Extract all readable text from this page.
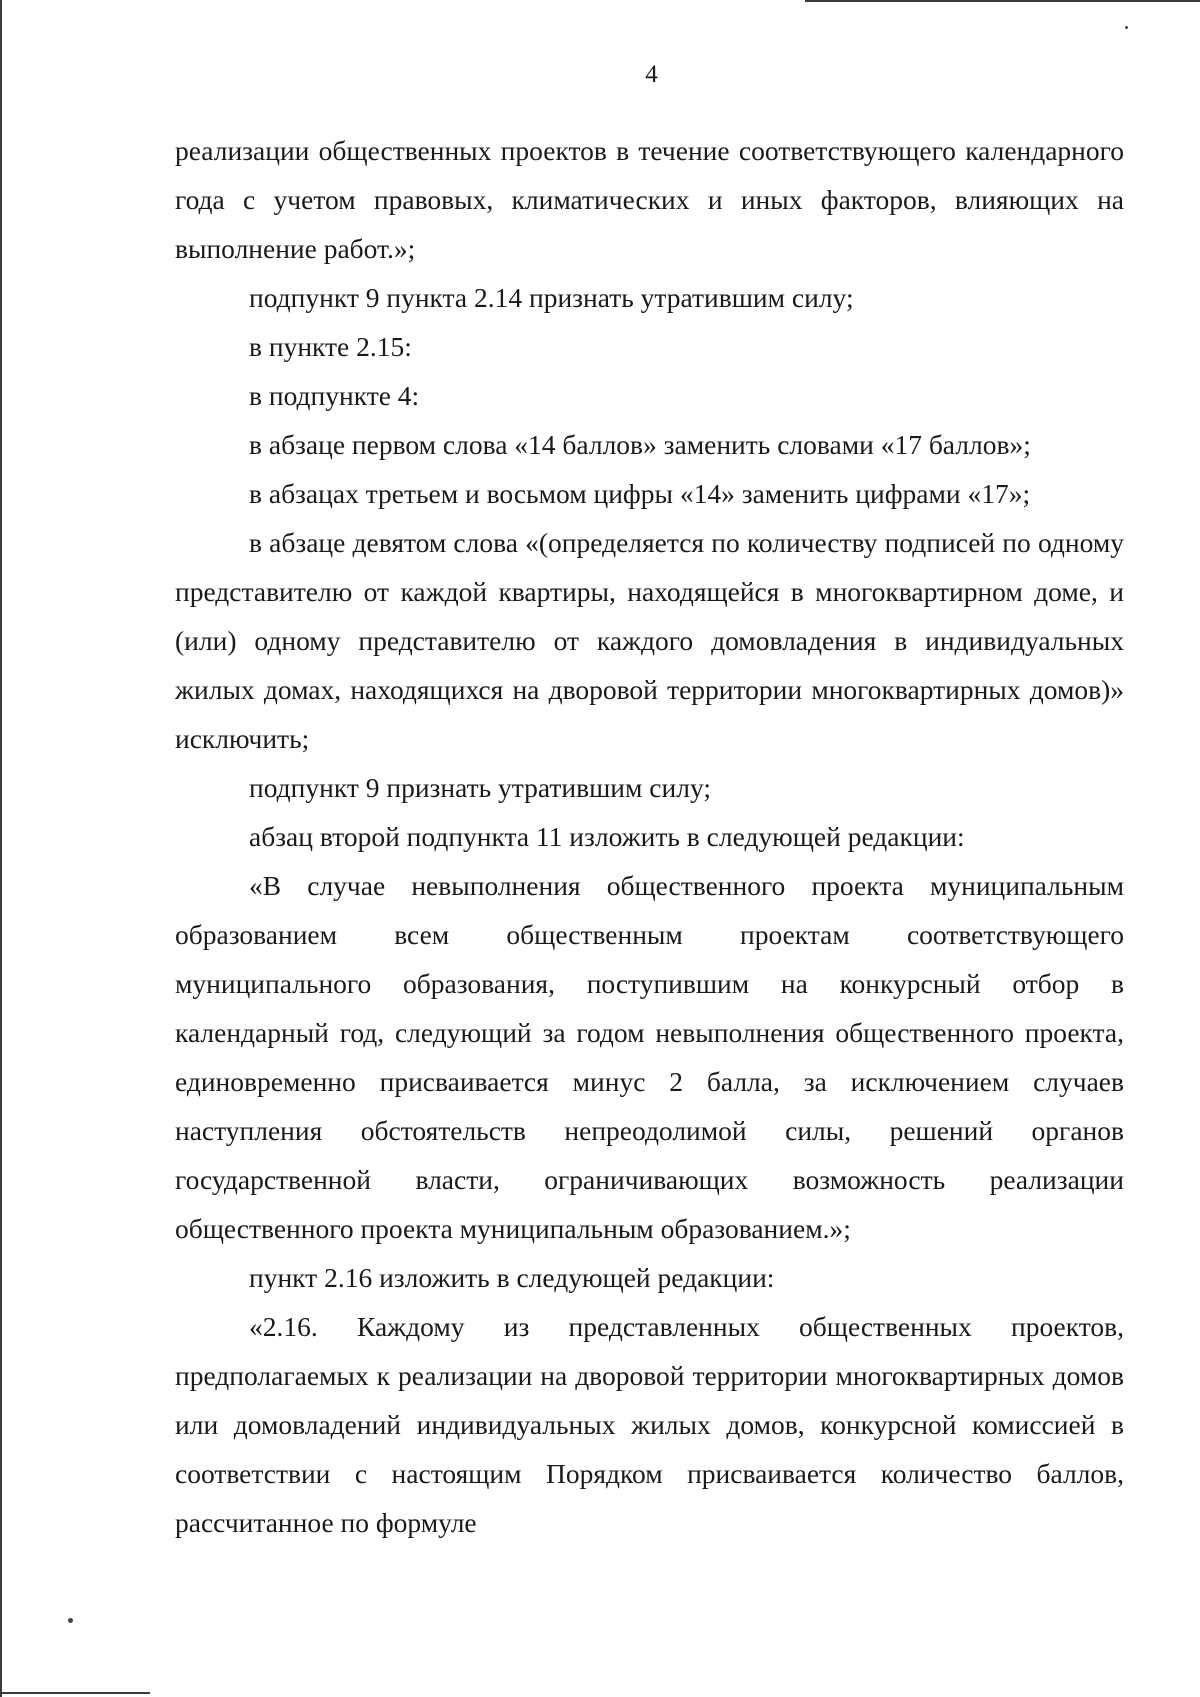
4

реализации общественных проектов в течение соответствующего календарного года с учетом правовых, климатических и иных факторов, влияющих на выполнение работ.»;

подпункт 9 пункта 2.14 признать утратившим силу;

в пункте 2.15:

в подпункте 4:

в абзаце первом слова «14 баллов» заменить словами «17 баллов»;

в абзацах третьем и восьмом цифры «14» заменить цифрами «17»;

в абзаце девятом слова «(определяется по количеству подписей по одному представителю от каждой квартиры, находящейся в многоквартирном доме, и (или) одному представителю от каждого домовладения в индивидуальных жилых домах, находящихся на дворовой территории многоквартирных домов)» исключить;

подпункт 9 признать утратившим силу;

абзац второй подпункта 11 изложить в следующей редакции:

«В случае невыполнения общественного проекта муниципальным образованием всем общественным проектам соответствующего муниципального образования, поступившим на конкурсный отбор в календарный год, следующий за годом невыполнения общественного проекта, единовременно присваивается минус 2 балла, за исключением случаев наступления обстоятельств непреодолимой силы, решений органов государственной власти, ограничивающих возможность реализации общественного проекта муниципальным образованием.»;

пункт 2.16 изложить в следующей редакции:

«2.16. Каждому из представленных общественных проектов, предполагаемых к реализации на дворовой территории многоквартирных домов или домовладений индивидуальных жилых домов, конкурсной комиссией в соответствии с настоящим Порядком присваивается количество баллов, рассчитанное по формуле
